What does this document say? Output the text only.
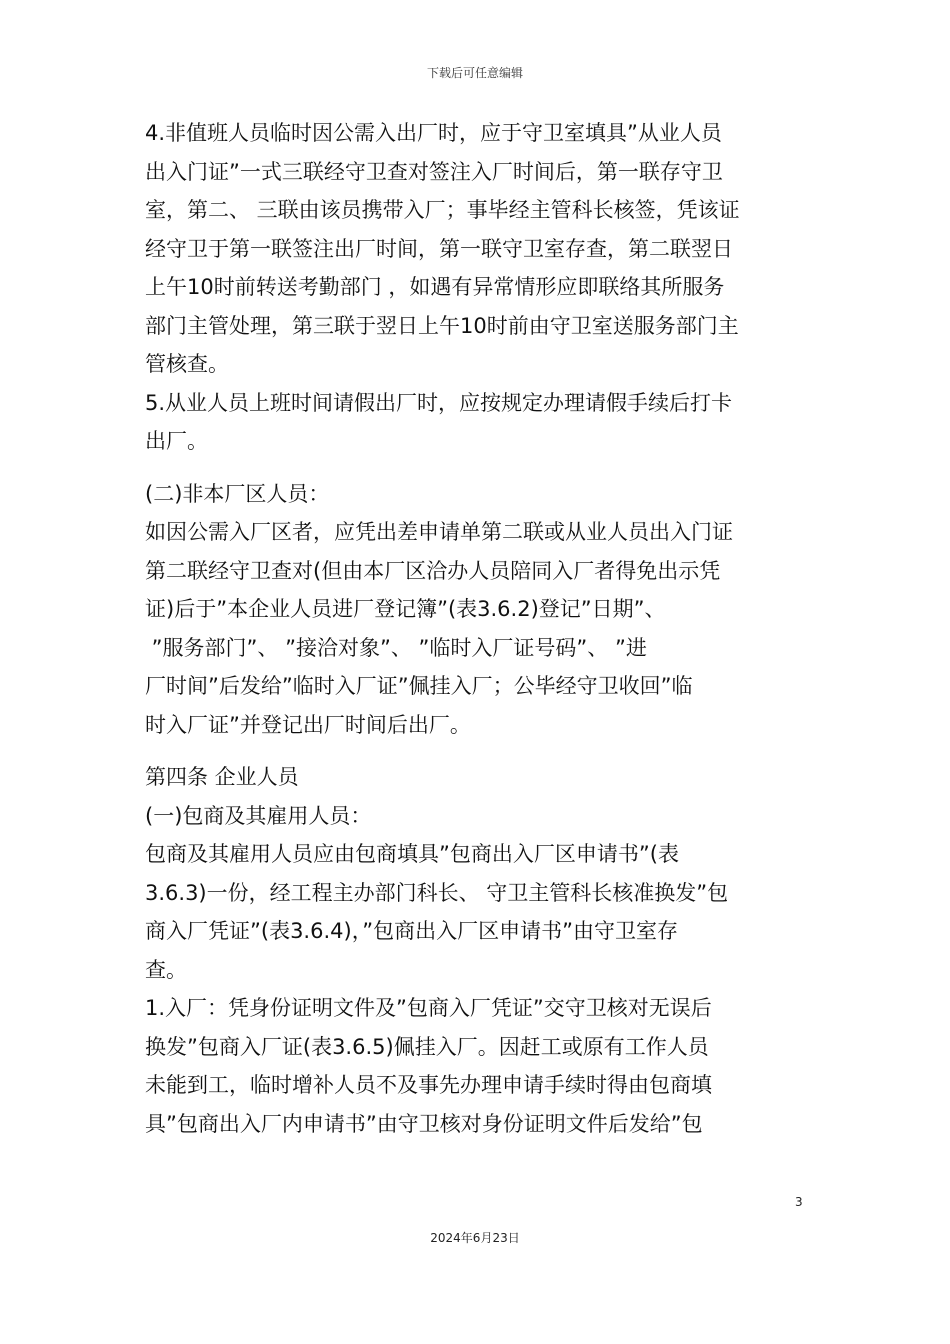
下载后可任意编辑
4.非值班人员临时因公需入出厂时，应于守卫室填具”从业人员
出入门证”一式三联经守卫查对签注入厂时间后，第一联存守卫
室，第二、 三联由该员携带入厂；事毕经主管科长核签，凭该证
经守卫于第一联签注出厂时间，第一联守卫室存查，第二联翌日
上午10时前转送考勤部门 ，如遇有异常情形应即联络其所服务
部门主管处理，第三联于翌日上午10时前由守卫室送服务部门主
管核查。
5.从业人员上班时间请假出厂时，应按规定办理请假手续后打卡
出厂。
(二)非本厂区人员：
如因公需入厂区者，应凭出差申请单第二联或从业人员出入门证
第二联经守卫查对(但由本厂区洽办人员陪同入厂者得免出示凭
证)后于”本企业人员进厂登记簿”(表3.6.2)登记”日期”、
”服务部门”、 ”接洽对象”、 ”临时入厂证号码”、 ”进
厂时间”后发给”临时入厂证”佩挂入厂；公毕经守卫收回”临
时入厂证”并登记出厂时间后出厂。
第四条 企业人员
(一)包商及其雇用人员：
包商及其雇用人员应由包商填具”包商出入厂区申请书”(表
3.6.3)一份，经工程主办部门科长、 守卫主管科长核准换发”包
商入厂凭证”(表3.6.4)，”包商出入厂区申请书”由守卫室存
查。
1.入厂：凭身份证明文件及”包商入厂凭证”交守卫核对无误后
换发”包商入厂证(表3.6.5)佩挂入厂。因赶工或原有工作人员
未能到工，临时增补人员不及事先办理申请手续时得由包商填
具”包商出入厂内申请书”由守卫核对身份证明文件后发给”包
3
2024年6月23日
